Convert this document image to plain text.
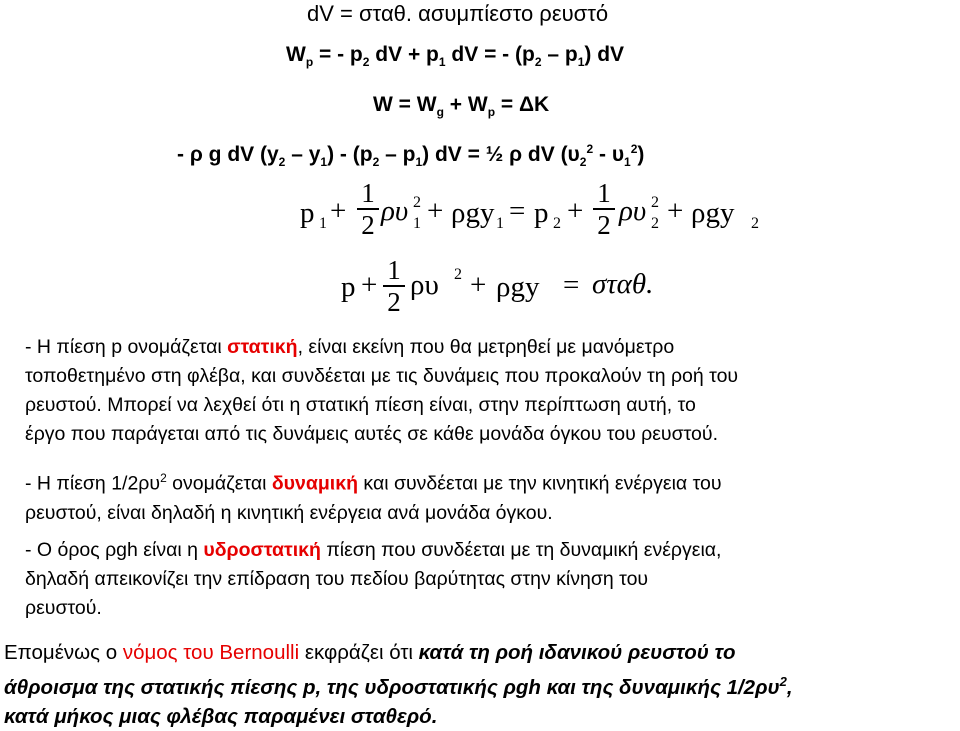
dV = σταθ. ασυμπίεστο ρευστό
$W_p$ = - $p_2$ dV + $p_1$ dV = - $(p_2 - p_1)$ dV
$W = W_g + W_p = \Delta K$
- ρ g dV $(y_2 - y_1) - (p_2 - p_1)$ dV = ½ ρ dV $(\upsilon_2^2 - \upsilon_1^2)$
p 1 +
1
2 ρυ 2
1 + ρgy 1 = p 2 +
1
2 ρυ 2
2 + ρgy 2
p + 1
2
ρυ 2 + ρgy = σταθ.
- Η πίεση p ονομάζεται στατική, είναι εκείνη που θα μετρηθεί με μανόμετρο
τοποθετημένο στη φλέβα, και συνδέεται με τις δυνάμεις που προκαλούν τη ροή του
ρευστού. Μπορεί να λεχθεί ότι η στατική πίεση είναι, στην περίπτωση αυτή, το
έργο που παράγεται από τις δυνάμεις αυτές σε κάθε μονάδα όγκου του ρευστού.
- Η πίεση $1/2\rho\upsilon^2$ ονομάζεται δυναμική και συνδέεται με την κινητική ενέργεια του
ρευστού, είναι δηλαδή η κινητική ενέργεια ανά μονάδα όγκου.
- Ο όρος ρgh είναι η υδροστατική πίεση που συνδέεται με τη δυναμική ενέργεια,
δηλαδή απεικονίζει την επίδραση του πεδίου βαρύτητας στην κίνηση του
ρευστού.
Επομένως ο νόμος του Bernoulli εκφράζει ότι κατά τη ροή ιδανικού ρευστού το
άθροισμα της στατικής πίεσης p, της υδροστατικής ρgh και της δυναμικής $1/2\rho\upsilon^2$,
κατά μήκος μιας φλέβας παραμένει σταθερό.
